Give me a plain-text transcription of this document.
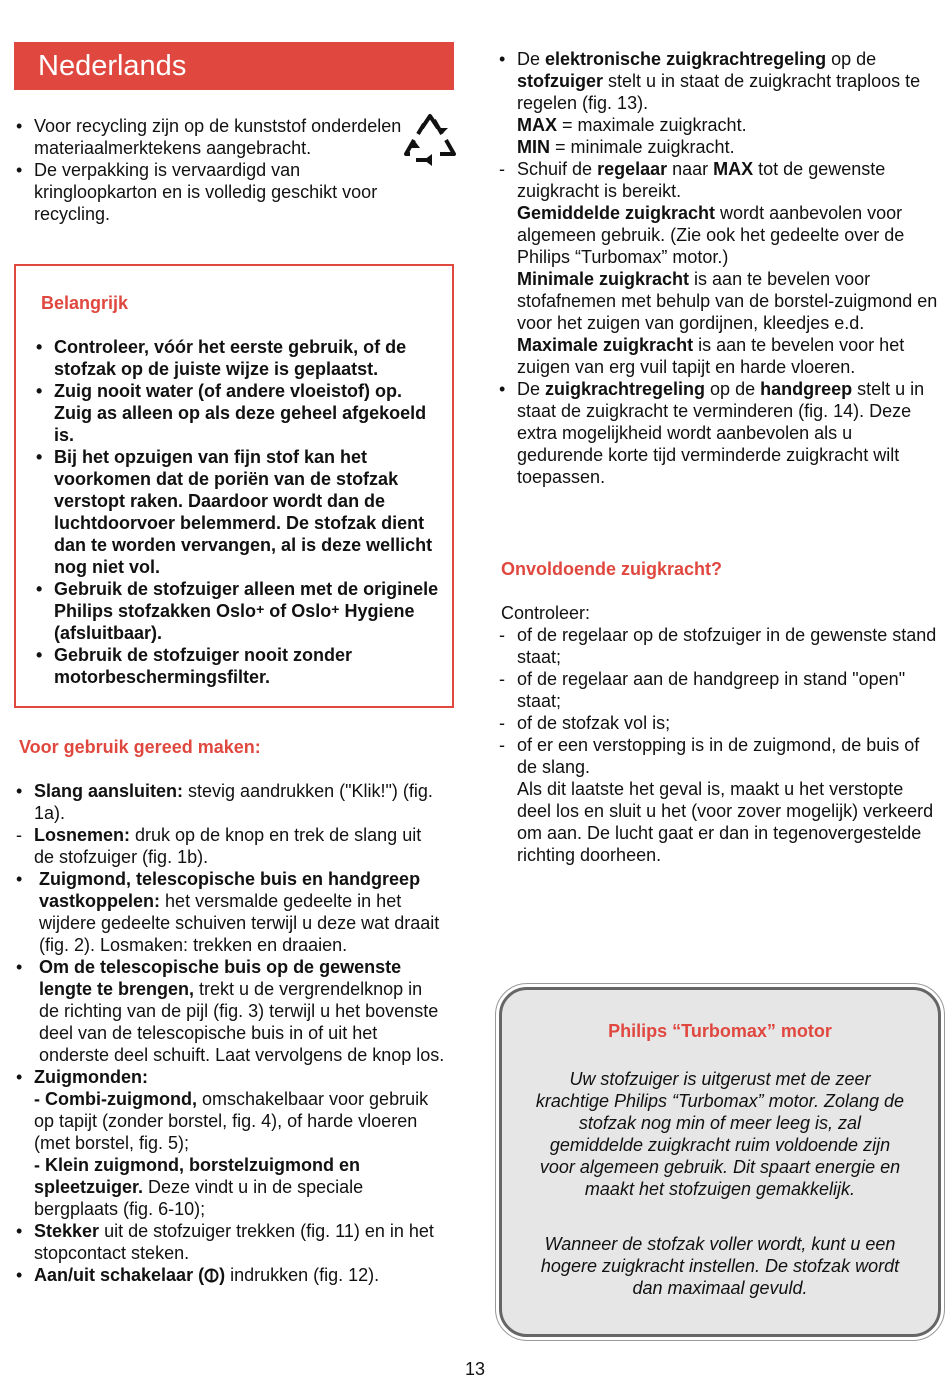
Nederlands
• Voor recycling zijn op de kunststof onderdelen materiaalmerktekens aangebracht.
• De verpakking is vervaardigd van kringloopkarton en is volledig geschikt voor recycling.
Belangrijk
• Controleer, vóór het eerste gebruik, of de stofzak op de juiste wijze is geplaatst.
• Zuig nooit water (of andere vloeistof) op. Zuig as alleen op als deze geheel afgekoeld is.
• Bij het opzuigen van fijn stof kan het voorkomen dat de poriën van de stofzak verstopt raken. Daardoor wordt dan de luchtdoorvoer belemmerd. De stofzak dient dan te worden vervangen, al is deze wellicht nog niet vol.
• Gebruik de stofzuiger alleen met de originele Philips stofzakken Oslo+ of Oslo+ Hygiene (afsluitbaar).
• Gebruik de stofzuiger nooit zonder motorbeschermingsfilter.
Voor gebruik gereed maken:
• Slang aansluiten: stevig aandrukken ("Klik!") (fig. 1a).
- Losnemen: druk op de knop en trek de slang uit de stofzuiger (fig. 1b).
• Zuigmond, telescopische buis en handgreep vastkoppelen: het versmalde gedeelte in het wijdere gedeelte schuiven terwijl u deze wat draait (fig. 2). Losmaken: trekken en draaien.
• Om de telescopische buis op de gewenste lengte te brengen, trekt u de vergrendelknop in de richting van de pijl (fig. 3) terwijl u het bovenste deel van de telescopische buis in of uit het onderste deel schuift. Laat vervolgens de knop los.
• Zuigmonden:
- Combi-zuigmond, omschakelbaar voor gebruik op tapijt (zonder borstel, fig. 4), of harde vloeren (met borstel, fig. 5);
- Klein zuigmond, borstelzuigmond en spleetzuiger. Deze vindt u in de speciale bergplaats (fig. 6-10);
• Stekker uit de stofzuiger trekken (fig. 11) en in het stopcontact steken.
• Aan/uit schakelaar ( ) indrukken (fig. 12).
• De elektronische zuigkrachtregeling op de stofzuiger stelt u in staat de zuigkracht traploos te regelen (fig. 13).
MAX = maximale zuigkracht.
MIN = minimale zuigkracht.
- Schuif de regelaar naar MAX tot de gewenste zuigkracht is bereikt.
Gemiddelde zuigkracht wordt aanbevolen voor algemeen gebruik. (Zie ook het gedeelte over de Philips “Turbomax” motor.)
Minimale zuigkracht is aan te bevelen voor stofafnemen met behulp van de borstel-zuigmond en voor het zuigen van gordijnen, kleedjes e.d.
Maximale zuigkracht is aan te bevelen voor het zuigen van erg vuil tapijt en harde vloeren.
• De zuigkrachtregeling op de handgreep stelt u in staat de zuigkracht te verminderen (fig. 14). Deze extra mogelijkheid wordt aanbevolen als u gedurende korte tijd verminderde zuigkracht wilt toepassen.
Onvoldoende zuigkracht?
Controleer:
- of de regelaar op de stofzuiger in de gewenste stand staat;
- of de regelaar aan de handgreep in stand "open" staat;
- of de stofzak vol is;
- of er een verstopping is in de zuigmond, de buis of de slang.
Als dit laatste het geval is, maakt u het verstopte deel los en sluit u het (voor zover mogelijk) verkeerd om aan. De lucht gaat er dan in tegenovergestelde richting doorheen.
Philips “Turbomax” motor
Uw stofzuiger is uitgerust met de zeer krachtige Philips “Turbomax” motor. Zolang de stofzak nog min of meer leeg is, zal gemiddelde zuigkracht ruim voldoende zijn voor algemeen gebruik. Dit spaart energie en maakt het stofzuigen gemakkelijk.
Wanneer de stofzak voller wordt, kunt u een hogere zuigkracht instellen. De stofzak wordt dan maximaal gevuld.
13
